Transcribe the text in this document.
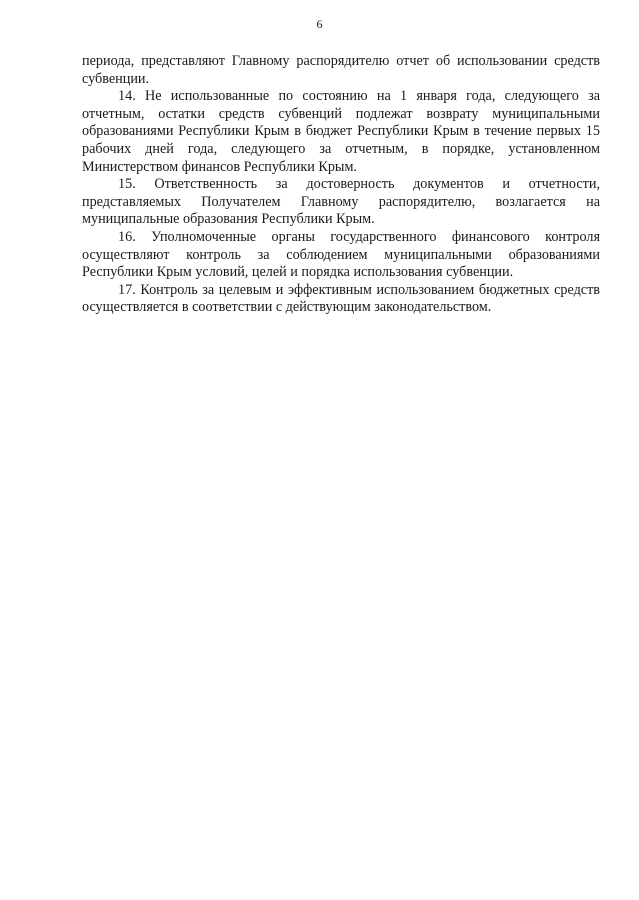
6

периода, представляют Главному распорядителю отчет об использовании средств субвенции.

14. Не использованные по состоянию на 1 января года, следующего за отчетным, остатки средств субвенций подлежат возврату муниципальными образованиями Республики Крым в бюджет Республики Крым в течение первых 15 рабочих дней года, следующего за отчетным, в порядке, установленном Министерством финансов Республики Крым.

15. Ответственность за достоверность документов и отчетности, представляемых Получателем Главному распорядителю, возлагается на муниципальные образования Республики Крым.

16. Уполномоченные органы государственного финансового контроля осуществляют контроль за соблюдением муниципальными образованиями Республики Крым условий, целей и порядка использования субвенции.

17. Контроль за целевым и эффективным использованием бюджетных средств осуществляется в соответствии с действующим законодательством.
